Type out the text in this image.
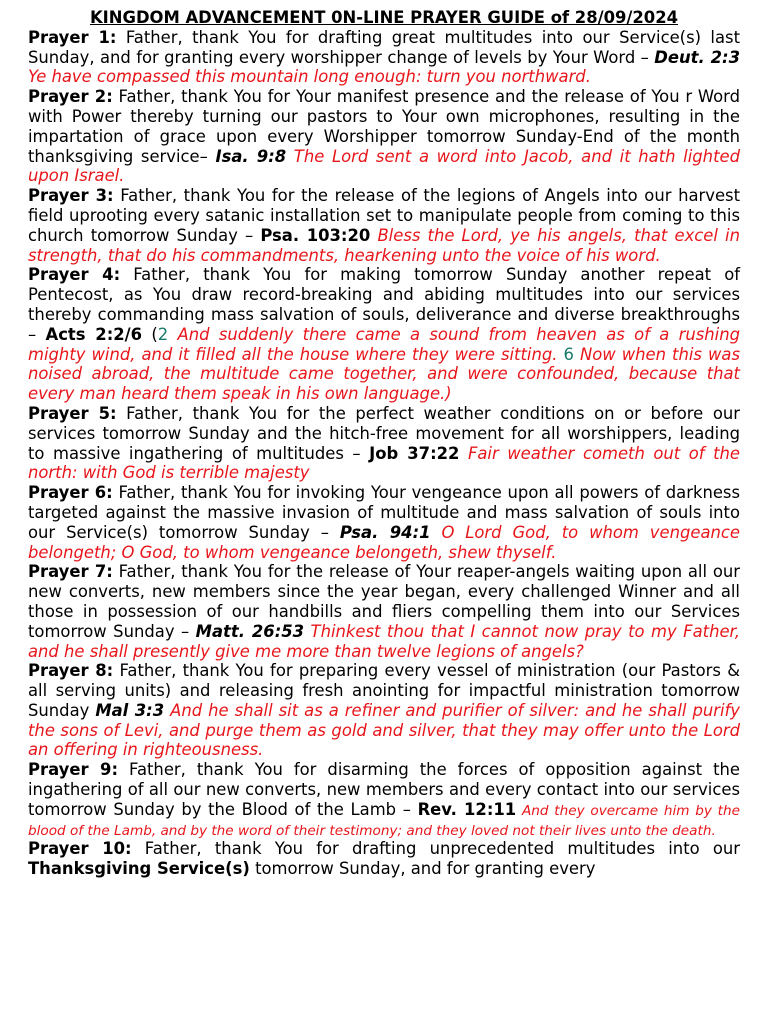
KINGDOM ADVANCEMENT 0N-LINE PRAYER GUIDE of 28/09/2024

Prayer 1: Father, thank You for drafting great multitudes into our Service(s) last Sunday, and for granting every worshipper change of levels by Your Word – Deut. 2:3 Ye have compassed this mountain long enough: turn you northward.

Prayer 2: Father, thank You for Your manifest presence and the release of You r Word with Power thereby turning our pastors to Your own microphones, resulting in the impartation of grace upon every Worshipper tomorrow Sunday-End of the month thanksgiving service– Isa. 9:8 The Lord sent a word into Jacob, and it hath lighted upon Israel.

Prayer 3: Father, thank You for the release of the legions of Angels into our harvest field uprooting every satanic installation set to manipulate people from coming to this church tomorrow Sunday – Psa. 103:20 Bless the Lord, ye his angels, that excel in strength, that do his commandments, hearkening unto the voice of his word.

Prayer 4: Father, thank You for making tomorrow Sunday another repeat of Pentecost, as You draw record-breaking and abiding multitudes into our services thereby commanding mass salvation of souls, deliverance and diverse breakthroughs – Acts 2:2/6 (2 And suddenly there came a sound from heaven as of a rushing mighty wind, and it filled all the house where they were sitting. 6 Now when this was noised abroad, the multitude came together, and were confounded, because that every man heard them speak in his own language.)

Prayer 5: Father, thank You for the perfect weather conditions on or before our services tomorrow Sunday and the hitch-free movement for all worshippers, leading to massive ingathering of multitudes – Job 37:22 Fair weather cometh out of the north: with God is terrible majesty

Prayer 6: Father, thank You for invoking Your vengeance upon all powers of darkness targeted against the massive invasion of multitude and mass salvation of souls into our Service(s) tomorrow Sunday – Psa. 94:1 O Lord God, to whom vengeance belongeth; O God, to whom vengeance belongeth, shew thyself.

Prayer 7: Father, thank You for the release of Your reaper-angels waiting upon all our new converts, new members since the year began, every challenged Winner and all those in possession of our handbills and fliers compelling them into our Services tomorrow Sunday – Matt. 26:53 Thinkest thou that I cannot now pray to my Father, and he shall presently give me more than twelve legions of angels?

Prayer 8: Father, thank You for preparing every vessel of ministration (our Pastors & all serving units) and releasing fresh anointing for impactful ministration tomorrow Sunday Mal 3:3 And he shall sit as a refiner and purifier of silver: and he shall purify the sons of Levi, and purge them as gold and silver, that they may offer unto the Lord an offering in righteousness.

Prayer 9: Father, thank You for disarming the forces of opposition against the ingathering of all our new converts, new members and every contact into our services tomorrow Sunday by the Blood of the Lamb – Rev. 12:11 And they overcame him by the blood of the Lamb, and by the word of their testimony; and they loved not their lives unto the death.

Prayer 10: Father, thank You for drafting unprecedented multitudes into our Thanksgiving Service(s) tomorrow Sunday, and for granting every
